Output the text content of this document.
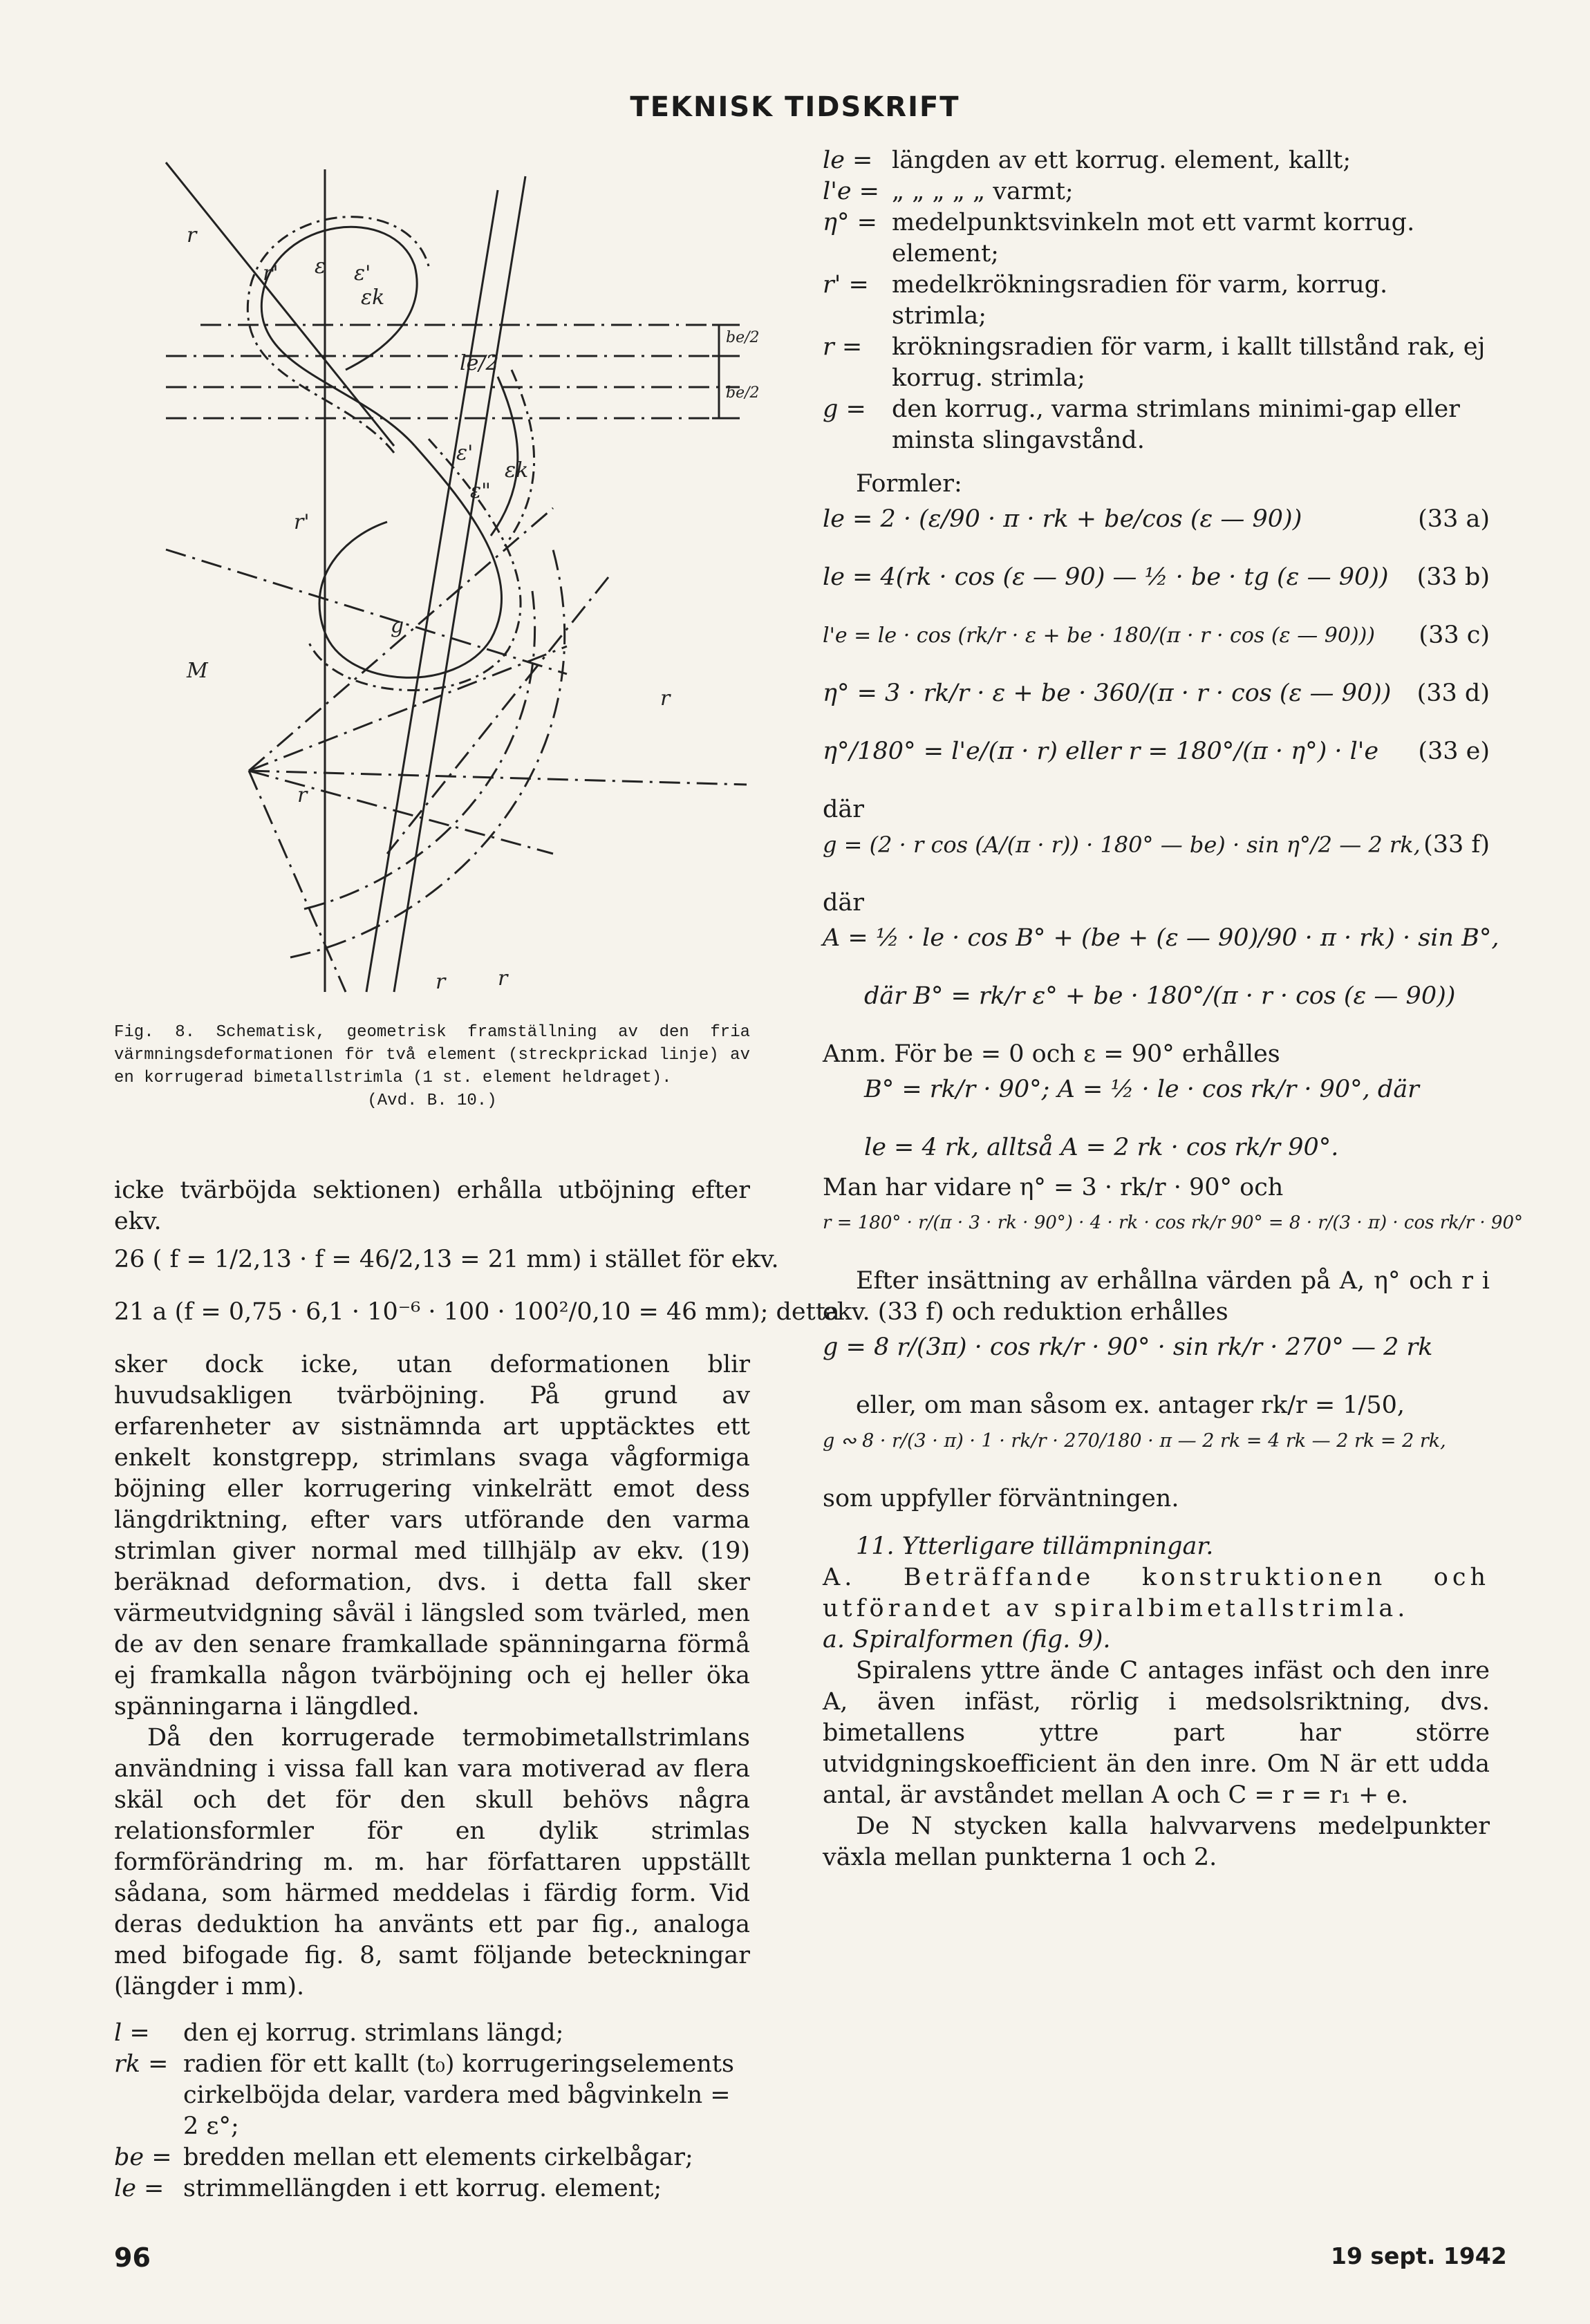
TEKNISK TIDSKRIFT
r
r' ε ε'
εk
le/2
be/2
be/2
ε'
εk
ε"
r'
M
g
r
r
r	r
Fig. 8. Schematisk, geometrisk framställning av den fria värmningsdeformationen för två element (streckprickad linje) av en korrugerad bimetallstrimla (1 st. element heldraget).
(Avd. B. 10.)

icke tvärböjda sektionen) erhålla utböjning efter ekv.

26 ( f = 1/2,13 · f = 46/2,13 = 21 mm) i stället för ekv.
21 a (f = 0,75 · 6,1 · 10⁻⁶ · 100 · 100²/0,10 = 46 mm); detta

sker dock icke, utan deformationen blir huvudsakligen tvärböjning. På grund av erfarenheter av sistnämnda art upptäcktes ett enkelt konstgrepp, strimlans svaga vågformiga böjning eller korrugering vinkelrätt emot dess längdriktning, efter vars utförande den varma strimlan giver normal med tillhjälp av ekv. (19) beräknad deformation, dvs. i detta fall sker värmeutvidgning såväl i längsled som tvärled, men de av den senare framkallade spänningarna förmå ej framkalla någon tvärböjning och ej heller öka spänningarna i längdled.

Då den korrugerade termobimetallstrimlans användning i vissa fall kan vara motiverad av flera skäl och det för den skull behövs några relationsformler för en dylik strimlas formförändring m. m. har författaren uppställt sådana, som härmed meddelas i färdig form. Vid deras deduktion ha använts ett par fig., analoga med bifogade fig. 8, samt följande beteckningar (längder i mm).

l =	den ej korrug. strimlans längd;
rk = radien för ett kallt (t₀) korrugeringselements cirkelböjda delar, vardera med bågvinkeln = 2 ε°;
be = bredden mellan ett elements cirkelbågar;
le = strimmellängden i ett korrug. element;
le = längden av ett korrug. element, kallt;
l'e = „ „ „ „ „ varmt;
η° = medelpunktsvinkeln mot ett varmt korrug. element;
r' = medelkrökningsradien för varm, korrug. strimla;
r =	krökningsradien för varm, i kallt tillstånd rak, ej korrug. strimla;
g =	den korrug., varma strimlans minimi-gap eller minsta slingavstånd.

Formler:

le = 2 · (ε/90 · π · rk + be/cos (ε — 90))	(33 a)
le = 4(rk · cos (ε — 90) — ½ · be · tg (ε — 90)) (33 b)
l'e = le · cos (rk/r · ε + be · 180/(π · r · cos (ε — 90))) (33 c)
η° = 3 · rk/r · ε + be · 360/(π · r · cos (ε — 90)) (33 d)
η°/180° = l'e/(π · r) eller r = 180°/(π · η°) · l'e (33 e)

där

g = (2 · r cos (A/(π · r)) · 180° — be) · sin η°/2 — 2 rk, (33 f)

där

A = ½ · le · cos B° + (be + (ε — 90)/90 · π · rk) · sin B°,
där B° = rk/r ε° + be · 180°/(π · r · cos (ε — 90))

Anm. För be = 0 och ε = 90° erhålles

B° = rk/r · 90°; A = ½ · le · cos rk/r · 90°, där
le = 4 rk, alltså A = 2 rk · cos rk/r 90°.

Man har vidare η° = 3 · rk/r · 90° och

r = 180° · r/(π · 3 · rk · 90°) · 4 · rk · cos rk/r 90° = 8 · r/(3 · π) · cos rk/r · 90°

Efter insättning av erhållna värden på A, η° och r i ekv. (33 f) och reduktion erhålles

g = 8 r/(3π) · cos rk/r · 90° · sin rk/r · 270° — 2 rk

eller, om man såsom ex. antager rk/r = 1/50,

g ∾ 8 · r/(3 · π) · 1 · rk/r · 270/180 · π — 2 rk = 4 rk — 2 rk = 2 rk,

som uppfyller förväntningen.

11. Ytterligare tillämpningar.

A. Beträffande konstruktionen och utförandet av spiralbimetallstrimla.

a. Spiralformen (fig. 9).

Spiralens yttre ände C antages infäst och den inre A, även infäst, rörlig i medsolsriktning, dvs. bimetallens yttre part har större utvidgningskoefficient än den inre. Om N är ett udda antal, är avståndet mellan A och C = r = r₁ + e.

De N stycken kalla halvvarvens medelpunkter växla mellan punkterna 1 och 2.

96	19 sept. 1942
